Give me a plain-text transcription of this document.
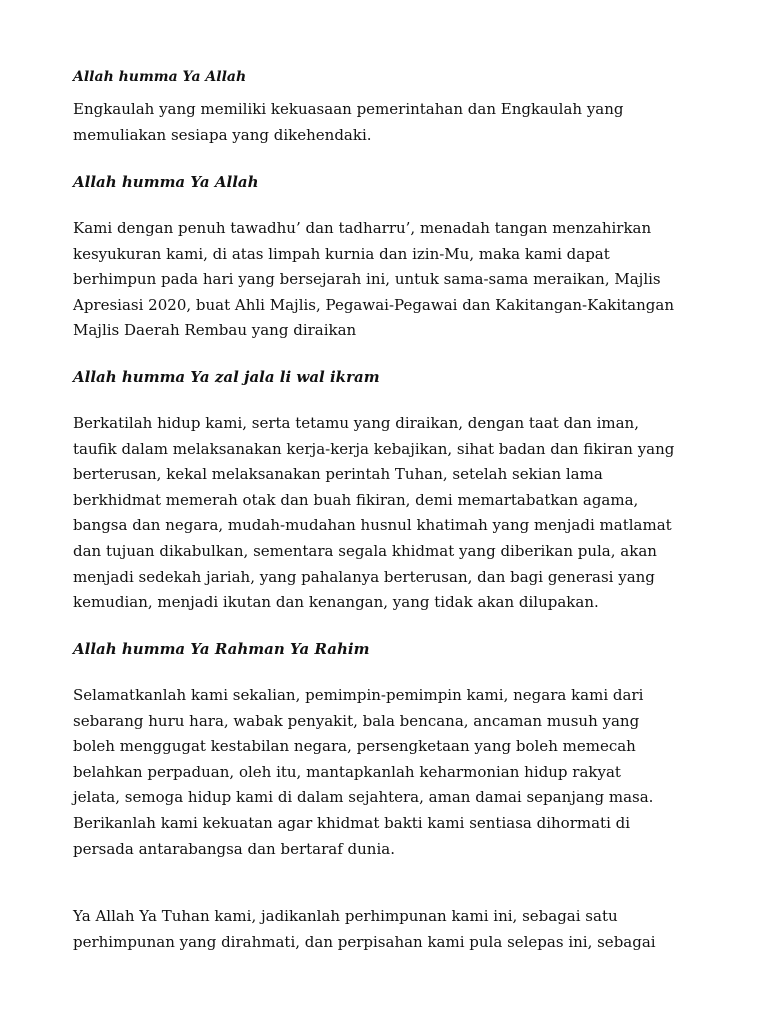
Allah humma Ya Allah
Engkaulah yang memiliki kekuasaan pemerintahan dan Engkaulah yang
memuliakan sesiapa yang dikehendaki.
Allah humma Ya Allah
Kami dengan penuh tawadhu’ dan tadharru’, menadah tangan menzahirkan
kesyukuran kami, di atas limpah kurnia dan izin-Mu, maka kami dapat
berhimpun pada hari yang bersejarah ini, untuk sama-sama meraikan, Majlis
Apresiasi 2020, buat Ahli Majlis, Pegawai-Pegawai dan Kakitangan-Kakitangan
Majlis Daerah Rembau yang diraikan
Allah humma Ya zal jala li wal ikram
Berkatilah hidup kami, serta tetamu yang diraikan, dengan taat dan iman,
taufik dalam melaksanakan kerja-kerja kebajikan, sihat badan dan fikiran yang
berterusan, kekal melaksanakan perintah Tuhan, setelah sekian lama
berkhidmat memerah otak dan buah fikiran, demi memartabatkan agama,
bangsa dan negara, mudah-mudahan husnul khatimah yang menjadi matlamat
dan tujuan dikabulkan, sementara segala khidmat yang diberikan pula, akan
menjadi sedekah jariah, yang pahalanya berterusan, dan bagi generasi yang
kemudian, menjadi ikutan dan kenangan, yang tidak akan dilupakan.
Allah humma Ya Rahman Ya Rahim
Selamatkanlah kami sekalian, pemimpin-pemimpin kami, negara kami dari
sebarang huru hara, wabak penyakit, bala bencana, ancaman musuh yang
boleh menggugat kestabilan negara, persengketaan yang boleh memecah
belahkan perpaduan, oleh itu, mantapkanlah keharmonian hidup rakyat
jelata, semoga hidup kami di dalam sejahtera, aman damai sepanjang masa.
Berikanlah kami kekuatan agar khidmat bakti kami sentiasa dihormati di
persada antarabangsa dan bertaraf dunia.
Ya Allah Ya Tuhan kami, jadikanlah perhimpunan kami ini, sebagai satu
perhimpunan yang dirahmati, dan perpisahan kami pula selepas ini, sebagai
